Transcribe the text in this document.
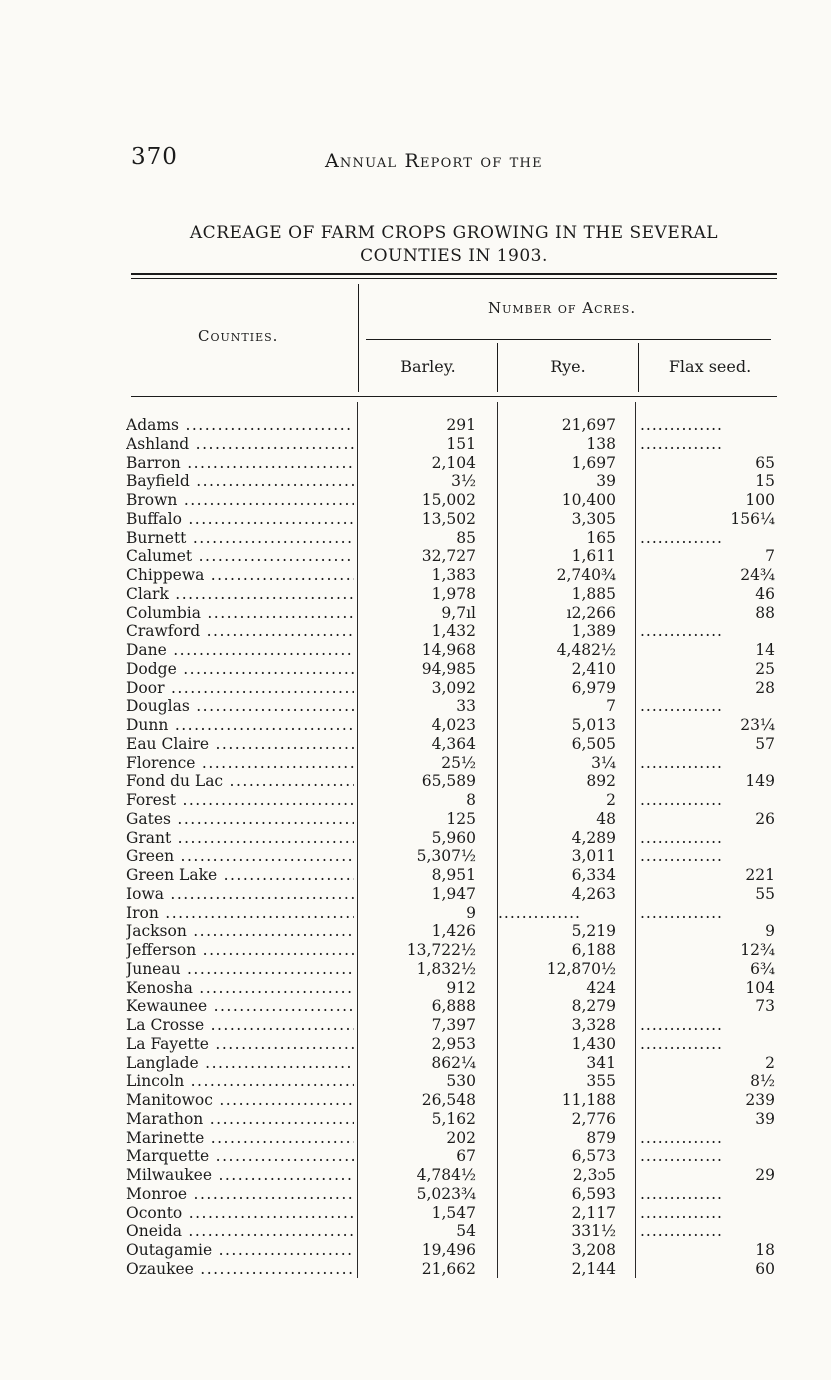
370	Annual Report of the
ACREAGE OF FARM CROPS GROWING IN THE SEVERAL
COUNTIES IN 1903.
Counties.
Number of Acres.
Barley.	Rye.	Flax seed.
Adams .....	291	21,697 ..............
Ashland .....	151	138 ..............
Barron .....	2,104	1,697	65
Bayfield .....	3½	39	15
Brown .....	15,002	10,400	100
Buffalo .....	13,502	3,305	156¼
Burnett .....	85	165 ..............
Calumet .....	32,727	1,611	7
Chippewa .....	1,383	2,740¾	24¾
Clark .....	1,978	1,885	46
Columbia .....	9,7ıl	ı2,266	88
Crawford .....	1,432	1,389 ..............
Dane .....	14,968	4,482½	14
Dodge .....	94,985	2,410	25
Door .....	3,092	6,979	28
Douglas .....	33	7 ..............
Dunn .....	4,023	5,013	23¼
Eau Claire .....	4,364	6,505	57
Florence .....	25½	3¼ ..............
Fond du Lac .....	65,589	892	149
Forest .....	8	2 ..............
Gates .....	125	48	26
Grant .....	5,960	4,289 ..............
Green .....	5,307½	3,011 ..............
Green Lake .....	8,951	6,334	221
Iowa .....	1,947	4,263	55
Iron .....	9 ..............	..............
Jackson .....	1,426	5,219	9
Jefferson .....	13,722½	6,188	12¾
Juneau .....	1,832½	12,870½	6¾
Kenosha .....	912	424	104
Kewaunee .....	6,888	8,279	73
La Crosse .....	7,397	3,328 ..............
La Fayette .....	2,953	1,430 ..............
Langlade .....	862¼	341	2
Lincoln .....	530	355	8½
Manitowoc .....	26,548	11,188	239
Marathon .....	5,162	2,776	39
Marinette .....	202	879 ..............
Marquette .....	67	6,573 ..............
Milwaukee .....	4,784½	2,3ɔ5	29
Monroe .....	5,023¾	6,593 ..............
Oconto .....	1,547	2,117 ..............
Oneida .....	54	331½ ..............
Outagamie .....	19,496	3,208	18
Ozaukee .....	21,662	2,144	60
